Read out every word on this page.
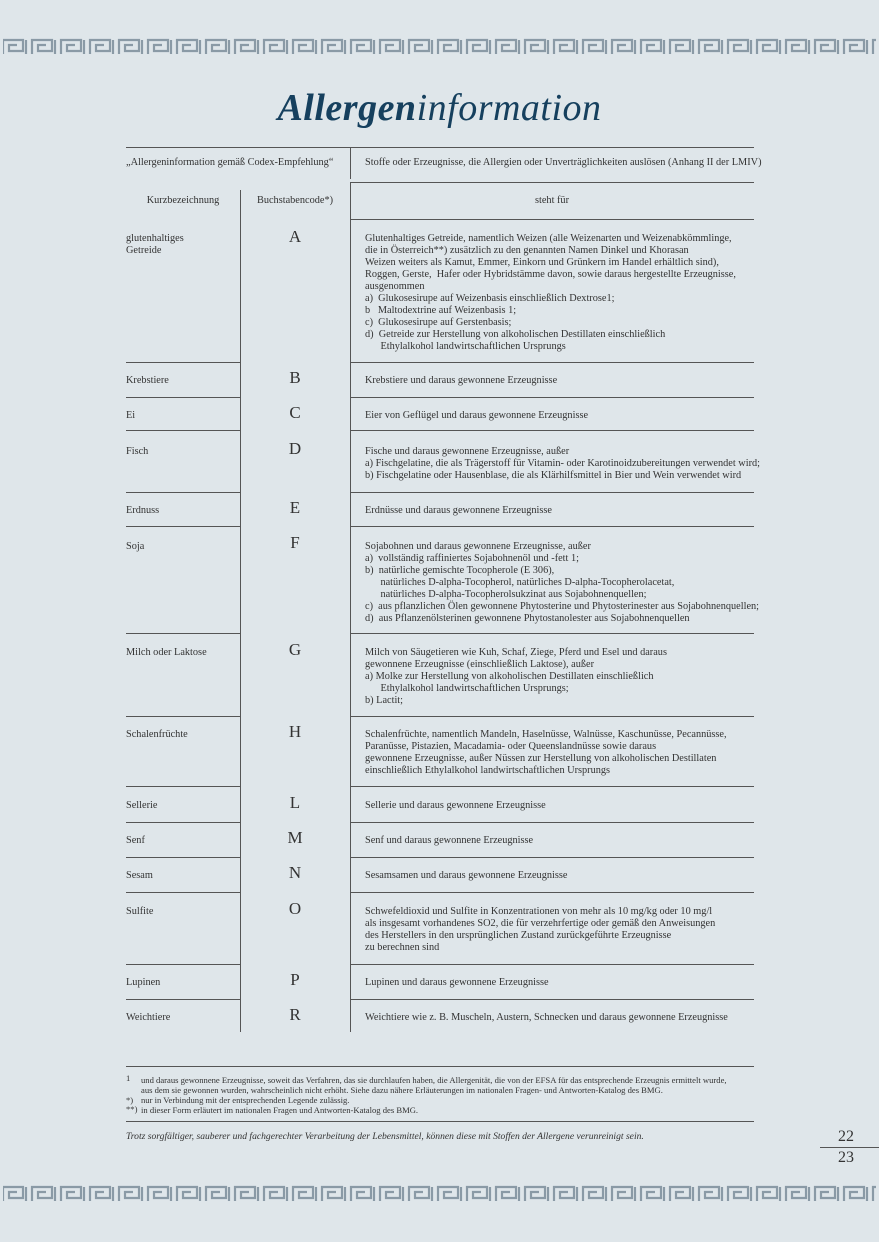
Allergeninformation
„Allergeninformation gemäß Codex-Empfehlung“	Stoffe oder Erzeugnisse, die Allergien oder Unverträglichkeiten auslösen (Anhang II der LMIV)
Kurzbezeichnung	Buchstabencode*)	steht für
glutenhaltiges
Getreide
A	Glutenhaltiges Getreide, namentlich Weizen (alle Weizenarten und Weizenabkömmlinge,
die in Österreich**) zusätzlich zu den genannten Namen Dinkel und Khorasan
Weizen weiters als Kamut, Emmer, Einkorn und Grünkern im Handel erhältlich sind),
Roggen, Gerste,  Hafer oder Hybridstämme davon, sowie daraus hergestellte Erzeugnisse,
ausgenommen
a)  Glukosesirupe auf Weizenbasis einschließlich Dextrose1;
b   Maltodextrine auf Weizenbasis 1;
c)  Glukosesirupe auf Gerstenbasis;
d)  Getreide zur Herstellung von alkoholischen Destillaten einschließlich
Ethylalkohol landwirtschaftlichen Ursprungs
Krebstiere	B	Krebstiere und daraus gewonnene Erzeugnisse
Ei	C	Eier von Geflügel und daraus gewonnene Erzeugnisse
Fisch	D	Fische und daraus gewonnene Erzeugnisse, außer
a) Fischgelatine, die als Trägerstoff für Vitamin- oder Karotinoidzubereitungen verwendet wird;
b) Fischgelatine oder Hausenblase, die als Klärhilfsmittel in Bier und Wein verwendet wird
Erdnuss	E	Erdnüsse und daraus gewonnene Erzeugnisse
Soja	F	Sojabohnen und daraus gewonnene Erzeugnisse, außer
a)  vollständig raffiniertes Sojabohnenöl und -fett 1;
b)  natürliche gemischte Tocopherole (E 306),
natürliches D-alpha-Tocopherol, natürliches D-alpha-Tocopherolacetat,
natürliches D-alpha-Tocopherolsukzinat aus Sojabohnenquellen;
c)  aus pflanzlichen Ölen gewonnene Phytosterine und Phytosterinester aus Sojabohnenquellen;
d)  aus Pflanzenölsterinen gewonnene Phytostanolester aus Sojabohnenquellen
Milch oder Laktose	G	Milch von Säugetieren wie Kuh, Schaf, Ziege, Pferd und Esel und daraus
gewonnene Erzeugnisse (einschließlich Laktose), außer
a) Molke zur Herstellung von alkoholischen Destillaten einschließlich
Ethylalkohol landwirtschaftlichen Ursprungs;
b) Lactit;
Schalenfrüchte	H	Schalenfrüchte, namentlich Mandeln, Haselnüsse, Walnüsse, Kaschunüsse, Pecannüsse,
Paranüsse, Pistazien, Macadamia- oder Queenslandnüsse sowie daraus
gewonnene Erzeugnisse, außer Nüssen zur Herstellung von alkoholischen Destillaten
einschließlich Ethylalkohol landwirtschaftlichen Ursprungs
Sellerie	L	Sellerie und daraus gewonnene Erzeugnisse
Senf	M	Senf und daraus gewonnene Erzeugnisse
Sesam	N	Sesamsamen und daraus gewonnene Erzeugnisse
Sulfite	O	Schwefeldioxid und Sulfite in Konzentrationen von mehr als 10 mg/kg oder 10 mg/l
als insgesamt vorhandenes SO2, die für verzehrfertige oder gemäß den Anweisungen
des Herstellers in den ursprünglichen Zustand zurückgeführte Erzeugnisse
zu berechnen sind
Lupinen	P	Lupinen und daraus gewonnene Erzeugnisse
Weichtiere	R	Weichtiere wie z. B. Muscheln, Austern, Schnecken und daraus gewonnene Erzeugnisse
1 und daraus gewonnene Erzeugnisse, soweit das Verfahren, das sie durchlaufen haben, die Allergenität, die von der EFSA für das entsprechende Erzeugnis ermittelt wurde,
aus dem sie gewonnen wurden, wahrscheinlich nicht erhöht. Siehe dazu nähere Erläuterungen im nationalen Fragen- und Antworten-Katalog des BMG.
*) nur in Verbindung mit der entsprechenden Legende zulässig.
**) in dieser Form erläutert im nationalen Fragen und Antworten-Katalog des BMG.
Trotz sorgfältiger, sauberer und fachgerechter Verarbeitung der Lebensmittel, können diese mit Stoffen der Allergene verunreinigt sein.	22
23
